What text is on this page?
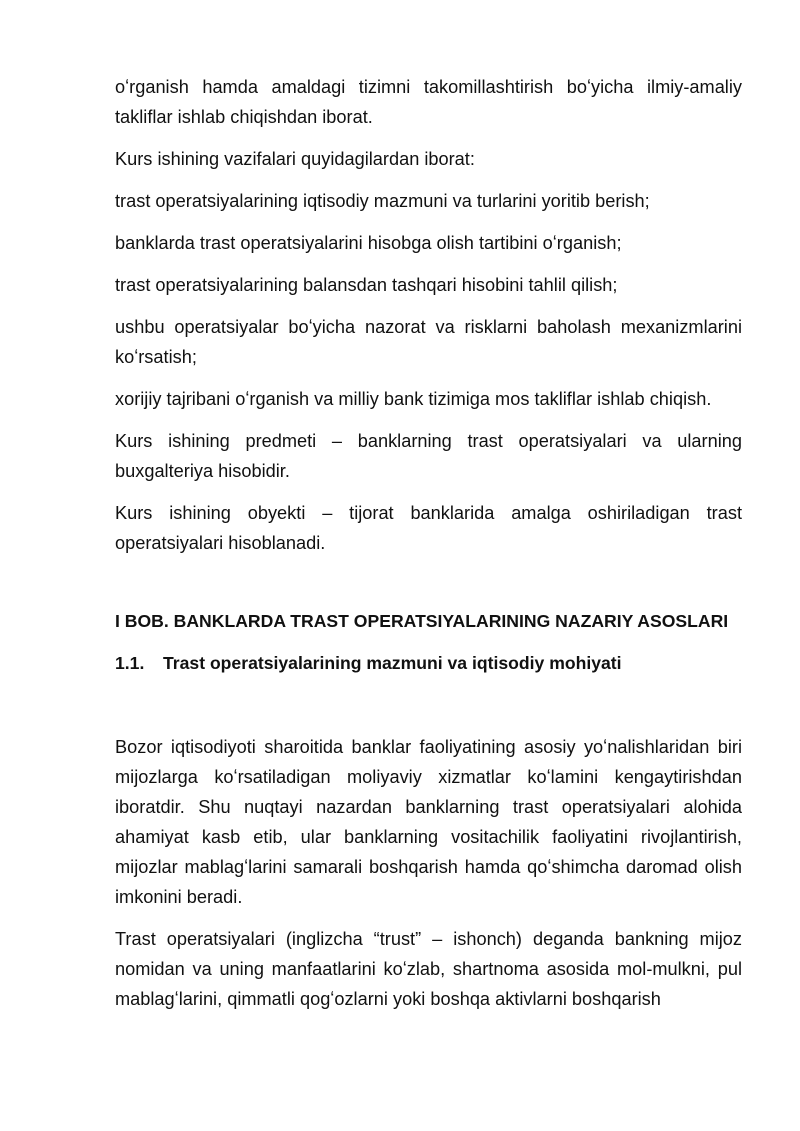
oʻrganish hamda amaldagi tizimni takomillashtirish boʻyicha ilmiy-amaliy takliflar ishlab chiqishdan iborat.

Kurs ishining vazifalari quyidagilardan iborat:

trast operatsiyalarining iqtisodiy mazmuni va turlarini yoritib berish;

banklarda trast operatsiyalarini hisobga olish tartibini oʻrganish;

trast operatsiyalarining balansdan tashqari hisobini tahlil qilish;

ushbu operatsiyalar boʻyicha nazorat va risklarni baholash mexanizmlarini koʻrsatish;

xorijiy tajribani oʻrganish va milliy bank tizimiga mos takliflar ishlab chiqish.

Kurs ishining predmeti – banklarning trast operatsiyalari va ularning buxgalteriya hisobidir.

Kurs ishining obyekti – tijorat banklarida amalga oshiriladigan trast operatsiyalari hisoblanadi.

I BOB. BANKLARDA TRAST OPERATSIYALARINING NAZARIY ASOSLARI
1.1.	Trast operatsiyalarining mazmuni va iqtisodiy mohiyati

Bozor iqtisodiyoti sharoitida banklar faoliyatining asosiy yoʻnalishlaridan biri mijozlarga koʻrsatiladigan moliyaviy xizmatlar koʻlamini kengaytirishdan iboratdir. Shu nuqtayi nazardan banklarning trast operatsiyalari alohida ahamiyat kasb etib, ular banklarning vositachilik faoliyatini rivojlantirish, mijozlar mablagʻlarini samarali boshqarish hamda qoʻshimcha daromad olish imkonini beradi.

Trast operatsiyalari (inglizcha “trust” – ishonch) deganda bankning mijoz nomidan va uning manfaatlarini koʻzlab, shartnoma asosida mol-mulkni, pul mablagʻlarini, qimmatli qogʻozlarni yoki boshqa aktivlarni boshqarish
